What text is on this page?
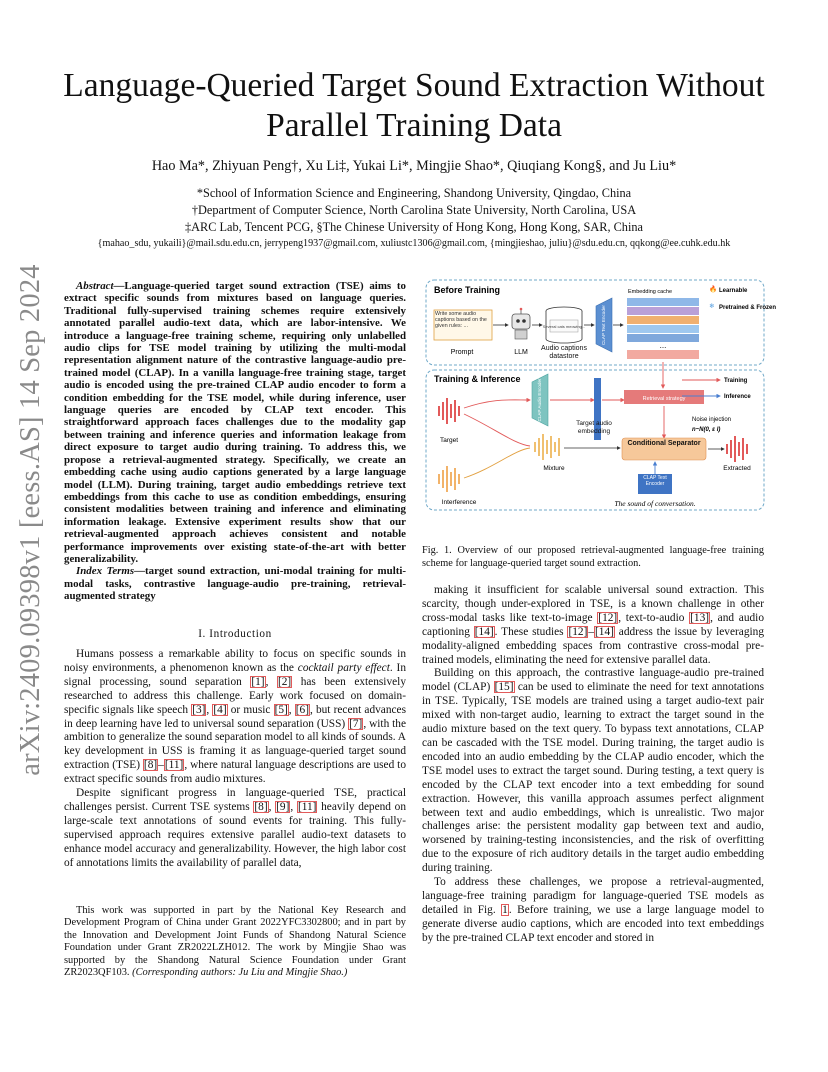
arXiv:2409.09398v1 [eess.AS] 14 Sep 2024
Language-Queried Target Sound Extraction Without Parallel Training Data
Hao Ma*, Zhiyuan Peng†, Xu Li‡, Yukai Li*, Mingjie Shao*, Qiuqiang Kong§, and Ju Liu*
*School of Information Science and Engineering, Shandong University, Qingdao, China
†Department of Computer Science, North Carolina State University, North Carolina, USA
‡ARC Lab, Tencent PCG, §The Chinese University of Hong Kong, Hong Kong, SAR, China
{mahao_sdu, yukaili}@mail.sdu.edu.cn, jerrypeng1937@gmail.com, xuliustc1306@gmail.com, {mingjieshao, juliu}@sdu.edu.cn, qqkong@ee.cuhk.edu.hk

Abstract—Language-queried target sound extraction (TSE) aims to extract specific sounds from mixtures based on language queries. Traditional fully-supervised training schemes require extensively annotated parallel audio-text data, which are labor-intensive. We introduce a language-free training scheme, requiring only unlabelled audio clips for TSE model training by utilizing the multi-modal representation alignment nature of the contrastive language-audio pre-trained model (CLAP). In a vanilla language-free training stage, target audio is encoded using the pre-trained CLAP audio encoder to form a condition embedding for the TSE model, while during inference, user language queries are encoded by CLAP text encoder. This straightforward approach faces challenges due to the modality gap between training and inference queries and information leakage from direct exposure to target audio during training. To address this, we propose a retrieval-augmented strategy. Specifically, we create an embedding cache using audio captions generated by a large language model (LLM). During training, target audio embeddings retrieve text embeddings from this cache to use as condition embeddings, ensuring consistent modalities between training and inference and eliminating information leakage. Extensive experiment results show that our retrieval-augmented approach achieves consistent and notable performance improvements over existing state-of-the-art with better generalizability.

Index Terms—target sound extraction, uni-modal training for multi-modal tasks, contrastive language-audio pre-training, retrieval-augmented strategy

I. Introduction

Humans possess a remarkable ability to focus on specific sounds in noisy environments, a phenomenon known as the cocktail party effect. In signal processing, sound separation [1], [2] has been extensively researched to address this challenge. Early work focused on domain-specific signals like speech [3], [4] or music [5], [6], but recent advances in deep learning have led to universal sound separation (USS) [7], with the ambition to generalize the sound separation model to all kinds of sounds. A key development in USS is framing it as language-queried target sound extraction (TSE) [8]–[11], where natural language descriptions are used to extract specific sounds from audio mixtures.

Despite significant progress in language-queried TSE, practical challenges persist. Current TSE systems [8], [9], [11] heavily depend on large-scale text annotations of sound events for training. This fully-supervised approach requires extensive parallel audio-text datasets to enhance model accuracy and generalizability. However, the high labor cost of annotations limits the availability of parallel data,

This work was supported in part by the National Key Research and Development Program of China under Grant 2022YFC3302800; and in part by the Innovation and Development Joint Funds of Shandong Natural Science Foundation under Grant ZR2022LZH012. The work by Mingjie Shao was supported by the Shandong Natural Science Foundation under Grant ZR2023QF103. (Corresponding authors: Ju Liu and Mingjie Shao.)

Before Training
Write some audio captions based on the given rules: ...
Prompt	LLM
Several cats meowing...
Audio captions datastore
CLAP Text Encoder
Embedding cache
...
🔥 Learnable
❄ Pretrained & Frozen
Training & Inference	CLAP Audio Encoder
Target audio embedding
Retrieval strategy
Training
Inference
Noise injection
n~N(0, ε I)
Target
Interference
Mixture
Conditional Separator
Extracted
CLAP Text Encoder
The sound of conversation.
Fig. 1. Overview of our proposed retrieval-augmented language-free training scheme for language-queried target sound extraction.

making it insufficient for scalable universal sound extraction. This scarcity, though under-explored in TSE, is a known challenge in other cross-modal tasks like text-to-image [12], text-to-audio [13], and audio captioning [14]. These studies [12]–[14] address the issue by leveraging modality-aligned embedding spaces from contrastive cross-modal pre-trained models, eliminating the need for extensive parallel data.

Building on this approach, the contrastive language-audio pre-trained model (CLAP) [15] can be used to eliminate the need for text annotations in TSE. Typically, TSE models are trained using a target audio-text pair mixed with non-target audio, learning to extract the target sound in the audio mixture based on the text query. To bypass text annotations, CLAP can be cascaded with the TSE model. During training, the target audio is encoded into an audio embedding by the CLAP audio encoder, which the TSE model uses to extract the target sound. During testing, a text query is encoded by the CLAP text encoder into a text embedding for sound extraction. However, this vanilla approach assumes perfect alignment between text and audio embeddings, which is unrealistic. Two major challenges arise: the persistent modality gap between text and audio, worsened by training-testing inconsistencies, and the risk of overfitting due to the exposure of rich auditory details in the target audio embedding during training.

To address these challenges, we propose a retrieval-augmented, language-free training paradigm for language-queried TSE models as detailed in Fig. 1. Before training, we use a large language model to generate diverse audio captions, which are encoded into text embeddings by the pre-trained CLAP text encoder and stored in
